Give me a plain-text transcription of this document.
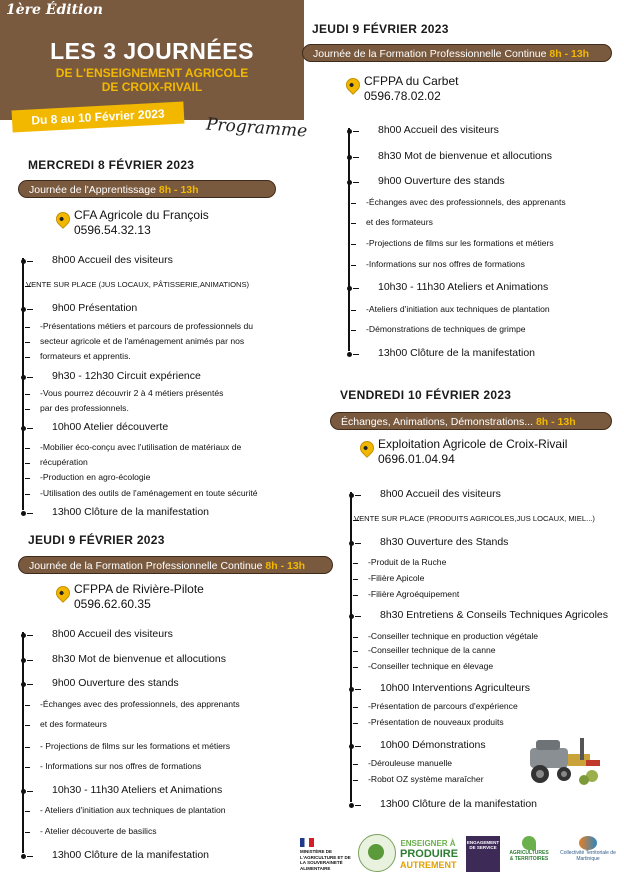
1ère Édition
LES 3 JOURNÉES
DE L'ENSEIGNEMENT AGRICOLE
DE CROIX-RIVAIL
Du 8 au 10 Février 2023	Programme
MERCREDI 8 FÉVRIER 2023
Journée de l'Apprentissage 8h - 13h
CFA Agricole du François
0596.54.32.13
8h00 Accueil des visiteurs
VENTE SUR PLACE (JUS LOCAUX, PÂTISSERIE,ANIMATIONS)
9h00 Présentation
-Présentations métiers et parcours de professionnels du
secteur agricole et de l'aménagement animés par nos
formateurs et apprentis.
9h30 - 12h30 Circuit expérience
-Vous pourrez découvrir 2 à 4 métiers présentés
par des professionnels.
10h00 Atelier découverte
-Mobilier éco-conçu avec l'utilisation de matériaux de
récupération
-Production en agro-écologie
-Utilisation des outils de l'aménagement en toute sécurité
13h00 Clôture de la manifestation
JEUDI 9 FÉVRIER 2023
Journée de la Formation Professionnelle Continue 8h - 13h
CFPPA de Rivière-Pilote
0596.62.60.35
8h00 Accueil des visiteurs
8h30 Mot de bienvenue et allocutions
9h00 Ouverture des stands
-Échanges avec des professionnels, des apprenants
et des formateurs
- Projections de films sur les formations et métiers
- Informations sur nos offres de formations
10h30 - 11h30 Ateliers et Animations
- Ateliers d'initiation aux techniques de plantation
- Atelier découverte de basilics
13h00 Clôture de la manifestation
JEUDI 9 FÉVRIER 2023
Journée de la Formation Professionnelle Continue 8h - 13h
CFPPA du Carbet
0596.78.02.02
8h00 Accueil des visiteurs
8h30 Mot de bienvenue et allocutions
9h00 Ouverture des stands
-Échanges avec des professionnels, des apprenants
et des formateurs
-Projections de films sur les formations et métiers
-Informations sur nos offres de formations
10h30 - 11h30 Ateliers et Animations
-Ateliers d'initiation aux techniques de plantation
-Démonstrations de techniques de grimpe
13h00 Clôture de la manifestation
VENDREDI 10 FÉVRIER 2023
Échanges, Animations, Démonstrations... 8h - 13h
Exploitation Agricole de Croix-Rivail
0696.01.04.94
8h00 Accueil des visiteurs
VENTE SUR PLACE (PRODUITS AGRICOLES,JUS LOCAUX, MIEL...)
8h30 Ouverture des Stands
-Produit de la Ruche
-Filière Apicole
-Filière Agroéquipement
8h30 Entretiens & Conseils Techniques Agricoles
-Conseiller technique en production végétale
-Conseiller technique de la canne
-Conseiller technique en élevage
10h00 Interventions Agriculteurs
-Présentation de parcours d'expérience
-Présentation de nouveaux produits
10h00 Démonstrations
-Dérouleuse manuelle
-Robot OZ système maraîcher
13h00 Clôture de la manifestation
MINISTÈRE DE L'AGRICULTURE ET DE LA SOUVERAINETÉ ALIMENTAIRE
ENSEIGNER À
PRODUIRE
AUTREMENT
ENGAGEMENT DE SERVICE
AGRICULTURES
& TERRITOIRES
Collectivité Territoriale de Martinique
